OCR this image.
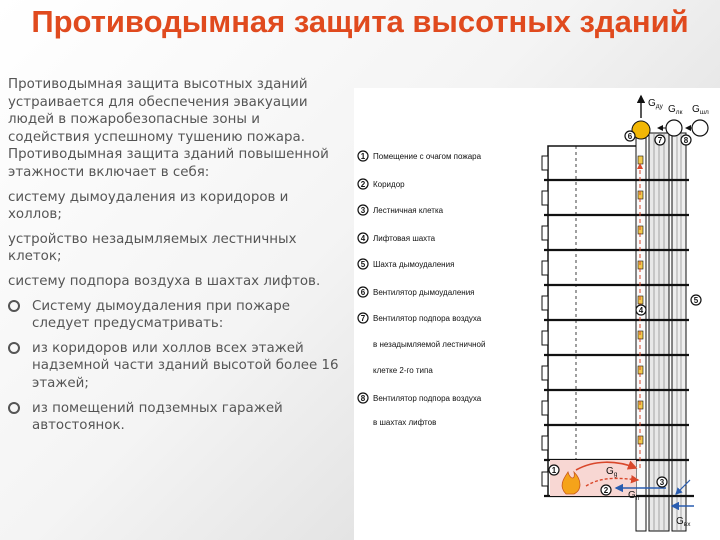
Противодымная защита высотных зданий

Противодымная защита высотных зданий устраивается для обеспечения эвакуации людей в пожаробезопасные зоны и содействия успешному тушению пожара. Противодымная защита зданий повышенной этажности включает в себя:

систему дымоудаления из коридоров и холлов;

устройство незадымляемых лестничных клеток;

систему подпора воздуха в шахтах лифтов.

Систему дымоудаления при пожаре следует предусматривать:

из коридоров или холлов всех этажей надземной части зданий высотой более 16 этажей;

из помещений подземных гаражей автостоянок.

$G_{ду}$ $G_{лк}$ $G_{шл}$
$G_g$
$G_п$
$G_{вх}$
6	7	8
4
5
1
2
3
1 Помещение с очагом пожара
2 Коридор
3 Лестничная клетка
4 Лифтовая шахта
5 Шахта дымоудаления
6 Вентилятор дымоудаления
7 Вентилятор подпора воздуха
в незадымляемой лестничной
клетке 2-го типа
8 Вентилятор подпора воздуха
в шахтах лифтов
